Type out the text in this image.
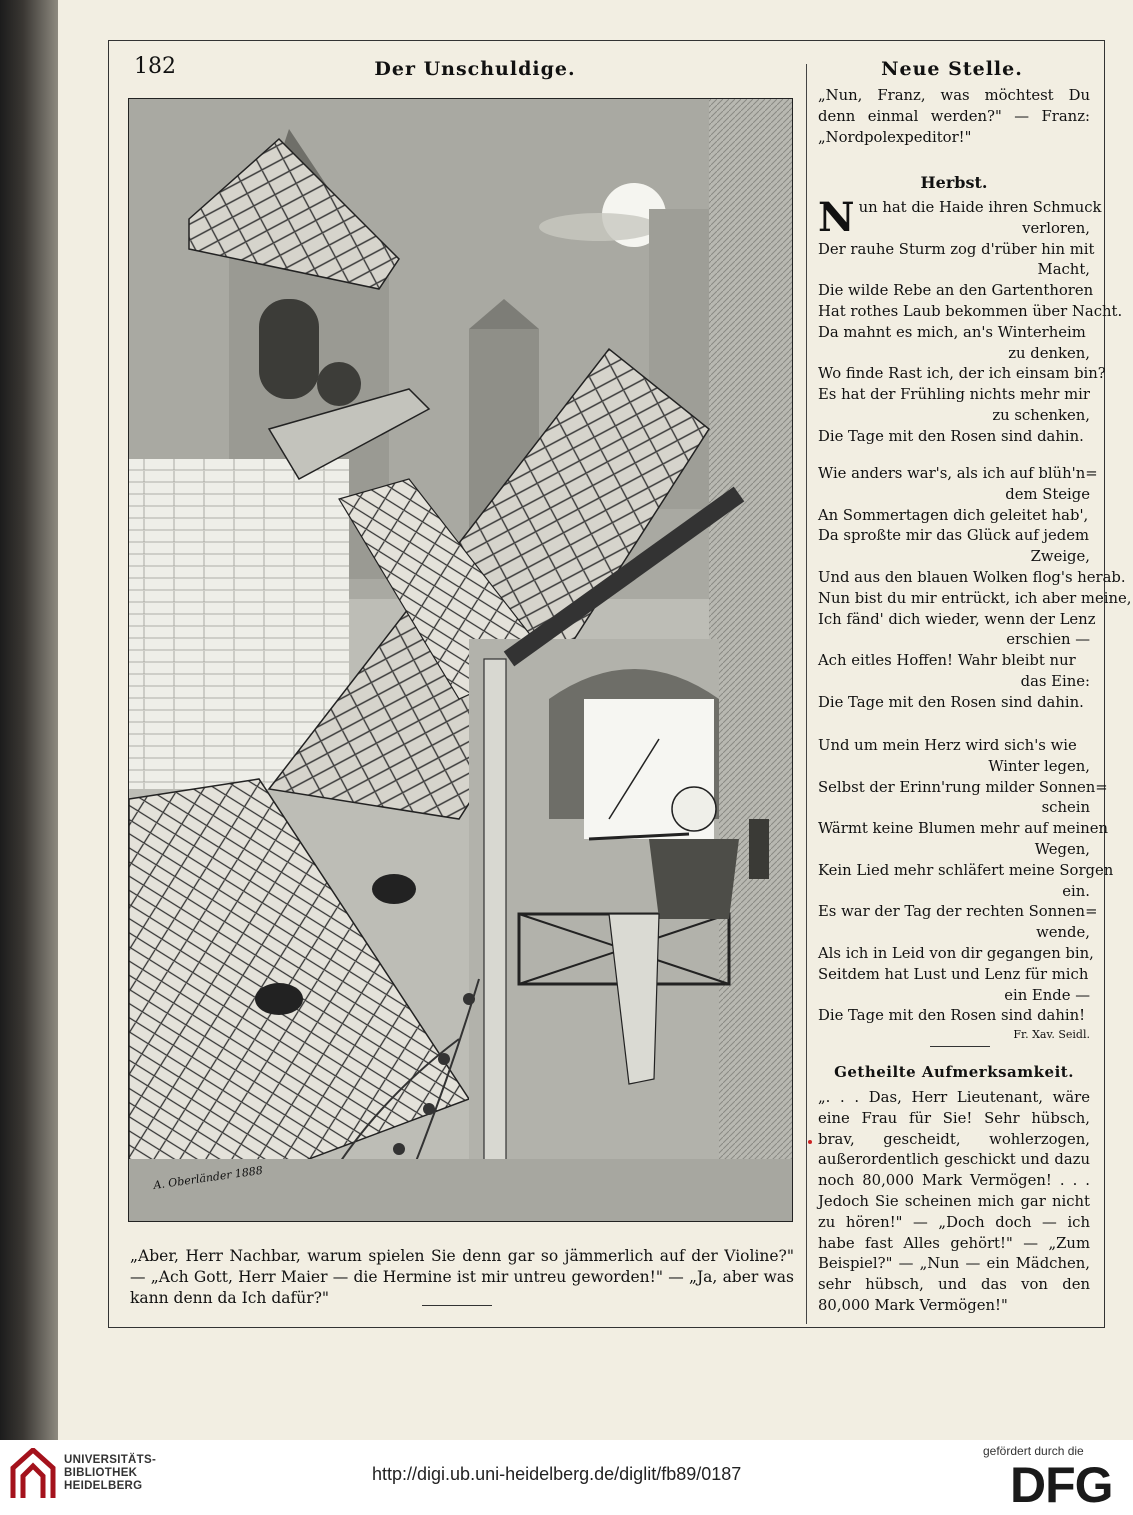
182	Der Unschuldige.	Neue Stelle.
A. Oberländer 1888
„Aber, Herr Nachbar, warum spielen Sie denn gar so jämmerlich auf der Violine?" — „Ach Gott, Herr Maier — die Hermine ist mir untreu geworden!" — „Ja, aber was kann denn da Ich dafür?"
„Nun, Franz, was möchtest Du denn einmal werden?" — Franz: „Nordpolexpeditor!"
Herbst.
N un hat die Haide ihren Schmuck
verloren,
Der rauhe Sturm zog d'rüber hin mit
Macht,
Die wilde Rebe an den Gartenthoren
Hat rothes Laub bekommen über Nacht.
Da mahnt es mich, an's Winterheim
zu denken,
Wo finde Rast ich, der ich einsam bin?
Es hat der Frühling nichts mehr mir
zu schenken,
Die Tage mit den Rosen sind dahin.
Wie anders war's, als ich auf blüh'n=
dem Steige
An Sommertagen dich geleitet hab',
Da sproßte mir das Glück auf jedem
Zweige,
Und aus den blauen Wolken flog's herab.
Nun bist du mir entrückt, ich aber meine,
Ich fänd' dich wieder, wenn der Lenz
erschien —
Ach eitles Hoffen! Wahr bleibt nur
das Eine:
Die Tage mit den Rosen sind dahin.
Und um mein Herz wird sich's wie
Winter legen,
Selbst der Erinn'rung milder Sonnen=
schein
Wärmt keine Blumen mehr auf meinen
Wegen,
Kein Lied mehr schläfert meine Sorgen
ein.
Es war der Tag der rechten Sonnen=
wende,
Als ich in Leid von dir gegangen bin,
Seitdem hat Lust und Lenz für mich
ein Ende —
Die Tage mit den Rosen sind dahin!
Fr. Xav. Seidl.
Getheilte Aufmerksamkeit.
„. . . Das, Herr Lieutenant, wäre eine Frau für Sie! Sehr hübsch, brav, gescheidt, wohlerzogen, außerordentlich geschickt und dazu noch 80,000 Mark Vermögen! . . . Jedoch Sie scheinen mich gar nicht zu hören!" — „Doch doch — ich habe fast Alles gehört!" — „Zum Beispiel?" — „Nun — ein Mädchen, sehr hübsch, und das von den 80,000 Mark Vermögen!"
UNIVERSITÄTS-
BIBLIOTHEK
HEIDELBERG
http://digi.ub.uni-heidelberg.de/diglit/fb89/0187
gefördert durch die
DFG
